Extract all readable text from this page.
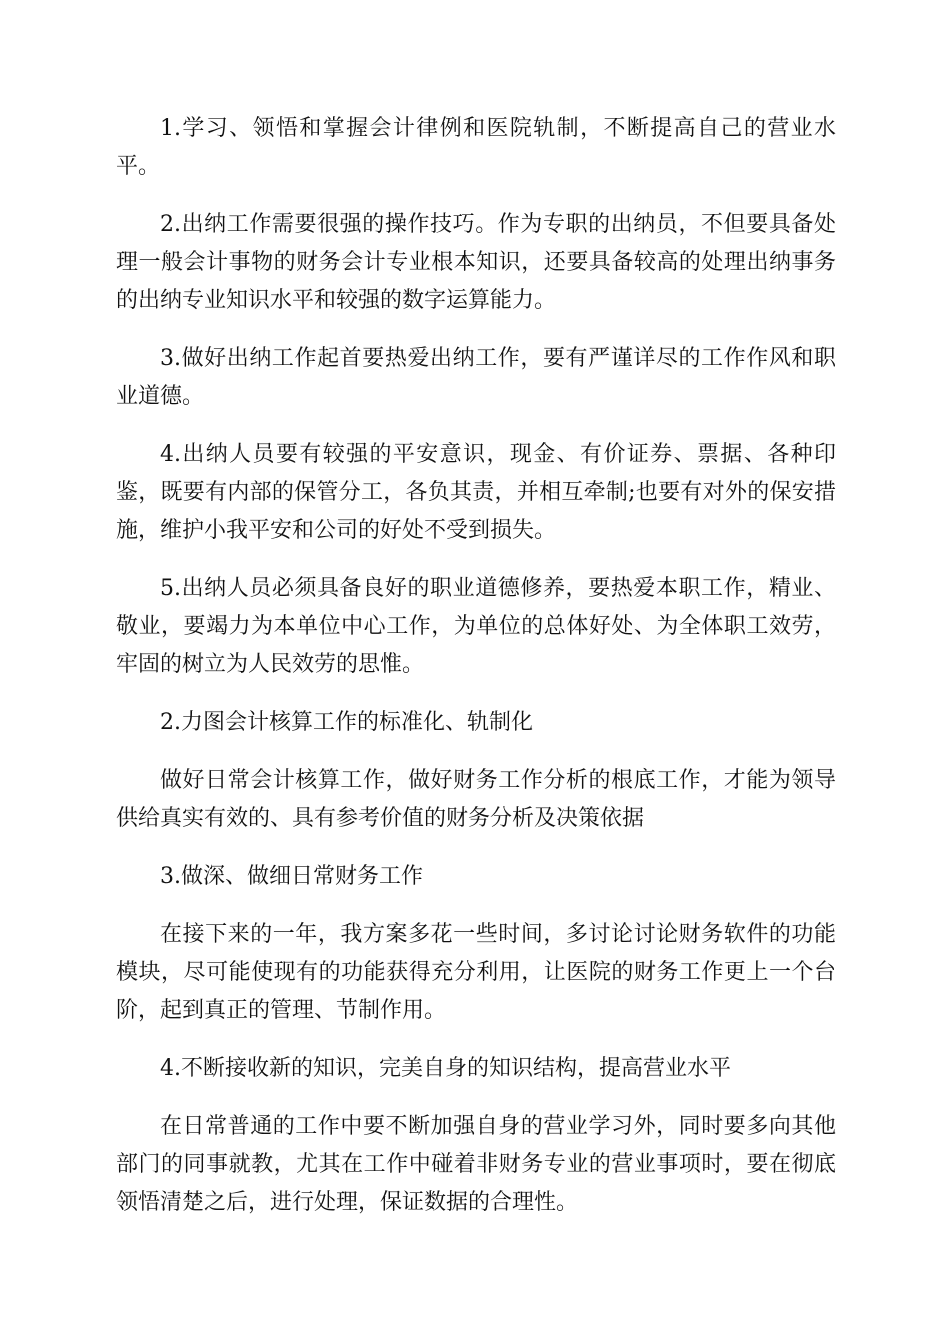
1.学习、领悟和掌握会计律例和医院轨制，不断提高自己的营业水平。

2.出纳工作需要很强的操作技巧。作为专职的出纳员，不但要具备处理一般会计事物的财务会计专业根本知识，还要具备较高的处理出纳事务的出纳专业知识水平和较强的数字运算能力。

3.做好出纳工作起首要热爱出纳工作，要有严谨详尽的工作作风和职业道德。

4.出纳人员要有较强的平安意识，现金、有价证券、票据、各种印鉴，既要有内部的保管分工，各负其责，并相互牵制;也要有对外的保安措施，维护小我平安和公司的好处不受到损失。

5.出纳人员必须具备良好的职业道德修养，要热爱本职工作，精业、敬业，要竭力为本单位中心工作，为单位的总体好处、为全体职工效劳，牢固的树立为人民效劳的思惟。

2.力图会计核算工作的标准化、轨制化

做好日常会计核算工作，做好财务工作分析的根底工作，才能为领导供给真实有效的、具有参考价值的财务分析及决策依据

3.做深、做细日常财务工作

在接下来的一年，我方案多花一些时间，多讨论讨论财务软件的功能模块，尽可能使现有的功能获得充分利用，让医院的财务工作更上一个台阶，起到真正的管理、节制作用。

4.不断接收新的知识，完美自身的知识结构，提高营业水平

在日常普通的工作中要不断加强自身的营业学习外，同时要多向其他部门的同事就教，尤其在工作中碰着非财务专业的营业事项时，要在彻底领悟清楚之后，进行处理，保证数据的合理性。
